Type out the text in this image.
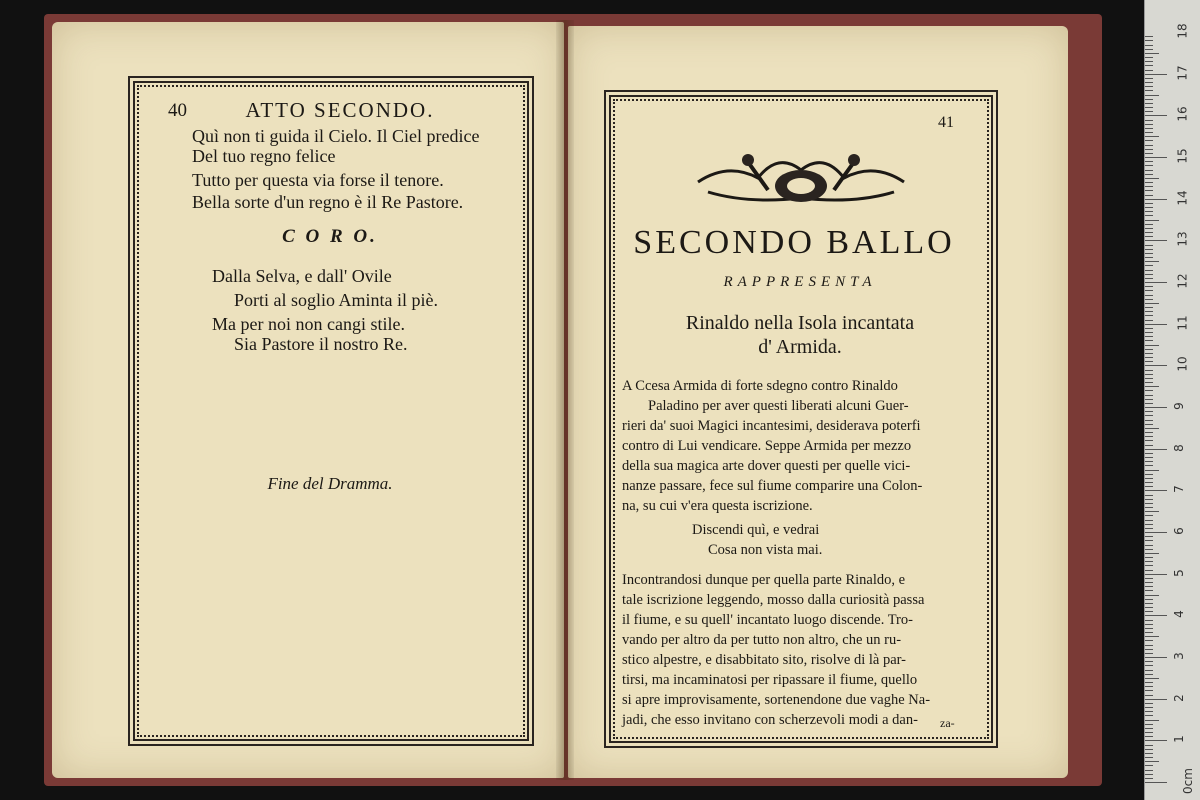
40	ATTO SECONDO.
Quì non ti guida il Cielo. Il Ciel predice
Del tuo regno felice
Tutto per questa via forse il tenore.
Bella sorte d'un regno è il Re Pastore.
C O R O.
Dalla Selva, e dall' Ovile
Porti al soglio Aminta il piè.
Ma per noi non cangi stile.
Sia Pastore il nostro Re.
Fine del Dramma.
41
SECONDO BALLO
RAPPRESENTA
Rinaldo nella Isola incantata
d' Armida.
A Ccesa Armida di forte sdegno contro Rinaldo
Paladino per aver questi liberati alcuni Guer-
rieri da' suoi Magici incantesimi, desiderava poterfi
contro di Lui vendicare. Seppe Armida per mezzo
della sua magica arte dover questi per quelle vici-
nanze passare, fece sul fiume comparire una Colon-
na, su cui v'era questa iscrizione.
Discendi quì, e vedrai
Cosa non vista mai.
Incontrandosi dunque per quella parte Rinaldo, e
tale iscrizione leggendo, mosso dalla curiosità passa
il fiume, e su quell' incantato luogo discende. Tro-
vando per altro da per tutto non altro, che un ru-
stico alpestre, e disabbitato sito, risolve di là par-
tirsi, ma incaminatosi per ripassare il fiume, quello
si apre improvisamente, sortenendone due vaghe Na-
jadi, che esso invitano con scherzevoli modi a dan- za-
0cm
1
2
3
4
5
6
7
8
9
10
11
12
13
14
15
16
17
18
